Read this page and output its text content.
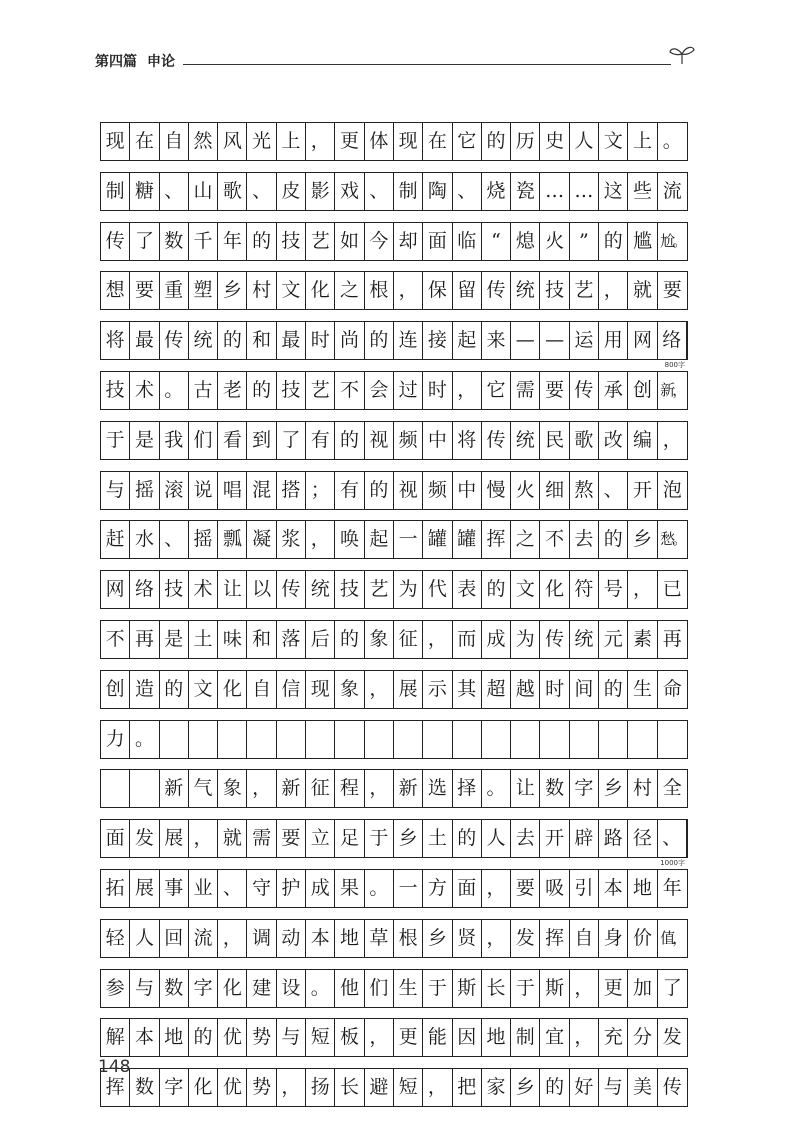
第四篇 申论
现 在 自 然 风 光 上 ， 更 体 现 在 它 的 历 史 人 文 上 。
制 糖 、 山 歌 、 皮 影 戏 、 制 陶 、 烧 瓷 … … 这 些 流
传 了 数 千 年 的 技 艺 如 今 却 面 临 “ 熄 火 ” 的 尴 尬。
想 要 重 塑 乡 村 文 化 之 根 ， 保 留 传 统 技 艺 ， 就 要
将 最 传 统 的 和 最 时 尚 的 连 接 起 来 — — 运 用 网 络
800字
技 术 。 古 老 的 技 艺 不 会 过 时 ， 它 需 要 传 承 创 新，
于 是 我 们 看 到 了 有 的 视 频 中 将 传 统 民 歌 改 编 ，
与 摇 滚 说 唱 混 搭 ； 有 的 视 频 中 慢 火 细 熬 、 开 泡
赶 水 、 摇 瓢 凝 浆 ， 唤 起 一 罐 罐 挥 之 不 去 的 乡 愁。
网 络 技 术 让 以 传 统 技 艺 为 代 表 的 文 化 符 号 ， 已
不 再 是 土 味 和 落 后 的 象 征 ， 而 成 为 传 统 元 素 再
创 造 的 文 化 自 信 现 象 ， 展 示 其 超 越 时 间 的 生 命
力 。
新 气 象 ， 新 征 程 ， 新 选 择 。 让 数 字 乡 村 全
面 发 展 ， 就 需 要 立 足 于 乡 土 的 人 去 开 辟 路 径 、
1000字
拓 展 事 业 、 守 护 成 果 。 一 方 面 ， 要 吸 引 本 地 年
轻 人 回 流 ， 调 动 本 地 草 根 乡 贤 ， 发 挥 自 身 价 值，
参 与 数 字 化 建 设 。 他 们 生 于 斯 长 于 斯 ， 更 加 了
解 本 地 的 优 势 与 短 板 ， 更 能 因 地 制 宜 ， 充 分 发
挥 数 字 化 优 势 ， 扬 长 避 短 ， 把 家 乡 的 好 与 美 传
148
